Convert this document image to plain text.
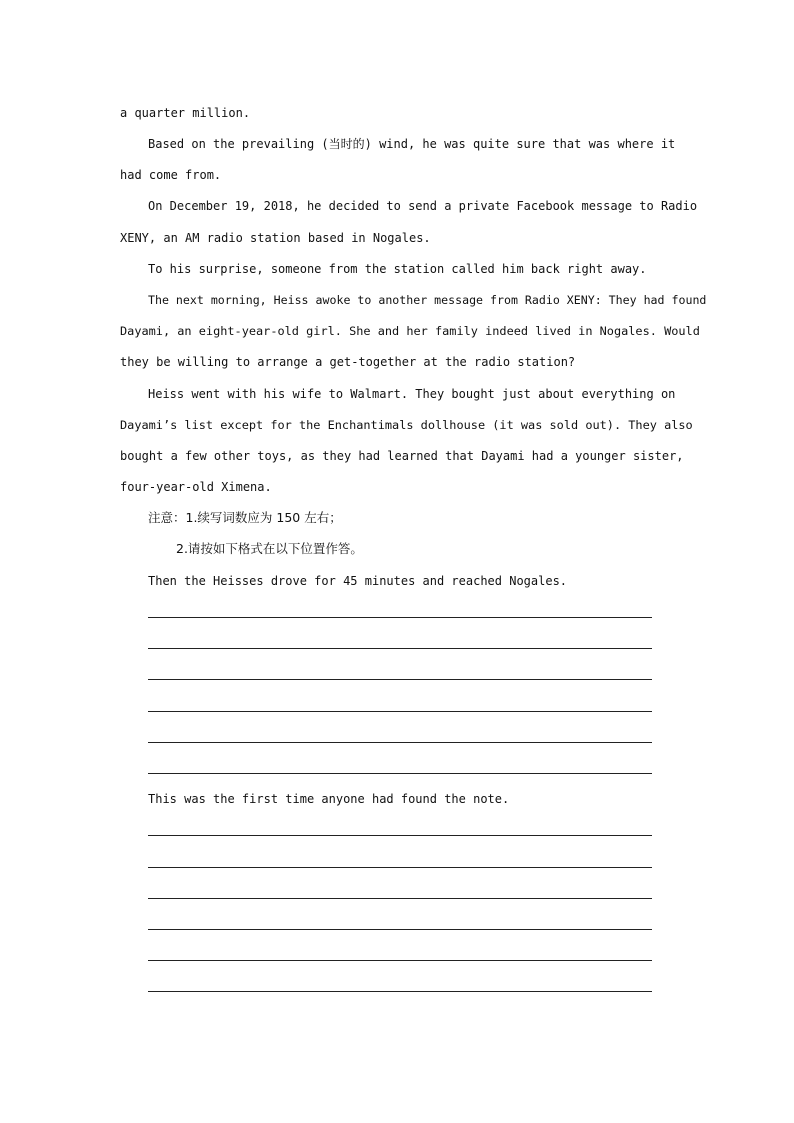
a quarter million.
Based on the prevailing (当时的) wind, he was quite sure that was where it
had come from.
On December 19, 2018, he decided to send a private Facebook message to Radio
XENY, an AM radio station based in Nogales.
To his surprise, someone from the station called him back right away.
The next morning, Heiss awoke to another message from Radio XENY: They had found
Dayami, an eight-year-old girl. She and her family indeed lived in Nogales. Would
they be willing to arrange a get-together at the radio station?
Heiss went with his wife to Walmart. They bought just about everything on
Dayami’s list except for the Enchantimals dollhouse (it was sold out). They also
bought a few other toys, as they had learned that Dayami had a younger sister,
four-year-old Ximena.
注意：1.续写词数应为 150 左右；
2.请按如下格式在以下位置作答。
Then the Heisses drove for 45 minutes and reached Nogales.
This was the first time anyone had found the note.
